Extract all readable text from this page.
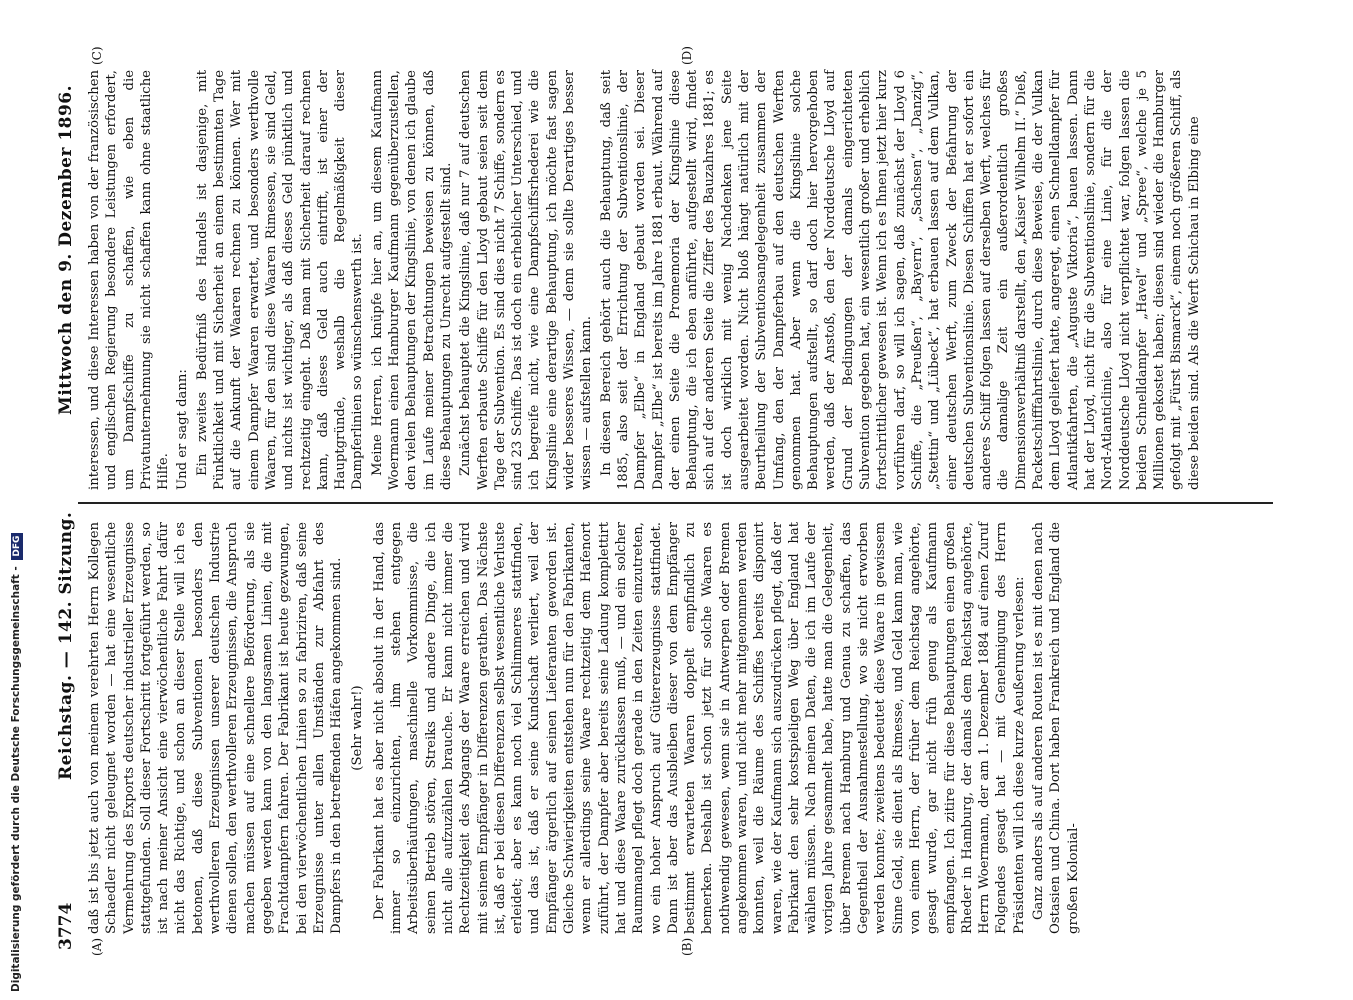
Digitalisierung gefördert durch die Deutsche Forschungsgemeinschaft - DFG
3774
Reichstag. — 142. Sitzung.
Mittwoch den 9. Dezember 1896.
(A)	(B)
(C)	(D)

daß ist bis jetzt auch von meinem verehrten Herrn Kollegen Schaedler nicht geleugnet worden — hat eine wesentliche Vermehrung des Exports deutscher industrieller Erzeugnisse stattgefunden. Soll dieser Fortschritt fortgeführt werden, so ist nach meiner Ansicht eine vierwöchentliche Fahrt dafür nicht das Richtige, und schon an dieser Stelle will ich es betonen, daß diese Subventionen besonders den werthvolleren Erzeugnissen unserer deutschen Industrie dienen sollen, den werthvolleren Erzeugnissen, die Anspruch machen müssen auf eine schnellere Beförderung, als sie gegeben werden kann von den langsamen Linien, die mit Frachtdampfern fahren. Der Fabrikant ist heute gezwungen, bei den vierwöchentlichen Linien so zu fabriziren, daß seine Erzeugnisse unter allen Umständen zur Abfahrt des Dampfers in den betreffenden Häfen angekommen sind. (Sehr wahr!) Der Fabrikant hat es aber nicht absolut in der Hand, das immer so einzurichten, ihm stehen entgegen Arbeitsüberhäufungen, maschinelle Vorkommnisse, die seinen Betrieb stören, Streiks und andere Dinge, die ich nicht alle aufzuzählen brauche. Er kann nicht immer die Rechtzeitigkeit des Abgangs der Waare erreichen und wird mit seinem Empfänger in Differenzen gerathen. Das Nächste ist, daß er bei diesen Differenzen selbst wesentliche Verluste erleidet; aber es kann noch viel Schlimmeres stattfinden, und das ist, daß er seine Kundschaft verliert, weil der Empfänger ärgerlich auf seinen Lieferanten geworden ist. Gleiche Schwierigkeiten entstehen nun für den Fabrikanten, wenn er allerdings seine Waare rechtzeitig dem Hafenort zuführt, der Dampfer aber bereits seine Ladung komplettirt hat und diese Waare zurücklassen muß, — und ein solcher Raummangel pflegt doch gerade in den Zeiten einzutreten, wo ein hoher Anspruch auf Gütererzeugnisse stattfindet. Dann ist aber das Ausbleiben dieser von dem Empfänger bestimmt erwarteten Waaren doppelt empfindlich zu bemerken. Deshalb ist schon jetzt für solche Waaren es nothwendig gewesen, wenn sie in Antwerpen oder Bremen angekommen waren, und nicht mehr mitgenommen werden konnten, weil die Räume des Schiffes bereits disponirt waren, wie der Kaufmann sich auszudrücken pflegt, daß der Fabrikant den sehr kostspieligen Weg über England hat wählen müssen. Nach meinen Daten, die ich im Laufe der vorigen Jahre gesammelt habe, hatte man die Gelegenheit, über Bremen nach Hamburg und Genua zu schaffen, das Gegentheil der Ausnahmestellung, wo sie nicht erworben werden konnte; zweitens bedeutet diese Waare in gewissem Sinne Geld, sie dient als Rimesse, und Geld kann man, wie von einem Herrn, der früher dem Reichstag angehörte, gesagt wurde, gar nicht früh genug als Kaufmann empfangen. Ich zitire für diese Behauptungen einen großen Rheder in Hamburg, der damals dem Reichstag angehörte, Herrn Woermann, der am 1. Dezember 1884 auf einen Zuruf Folgendes gesagt hat — mit Genehmigung des Herrn Präsidenten will ich diese kurze Aeußerung verlesen: Ganz anders als auf anderen Routen ist es mit denen nach Ostasien und China. Dort haben Frankreich und England die großen Kolonial-

interessen, und diese Interessen haben von der französischen und englischen Regierung besondere Leistungen erfordert, um Dampfschiffe zu schaffen, wie eben die Privatunternehmung sie nicht schaffen kann ohne staatliche Hilfe. Und er sagt dann: Ein zweites Bedürfniß des Handels ist dasjenige, mit Pünktlichkeit und mit Sicherheit an einem bestimmten Tage auf die Ankunft der Waaren rechnen zu können. Wer mit einem Dampfer Waaren erwartet, und besonders werthvolle Waaren, für den sind diese Waaren Rimessen, sie sind Geld, und nichts ist wichtiger, als daß dieses Geld pünktlich und rechtzeitig eingeht. Daß man mit Sicherheit darauf rechnen kann, daß dieses Geld auch eintrifft, ist einer der Hauptgründe, weshalb die Regelmäßigkeit dieser Dampferlinien so wünschenswerth ist. Meine Herren, ich knüpfe hier an, um diesem Kaufmann Woermann einen Hamburger Kaufmann gegenüberzustellen, den vielen Behauptungen der Kingslinie, von denen ich glaube im Laufe meiner Betrachtungen beweisen zu können, daß diese Behauptungen zu Unrecht aufgestellt sind. Zunächst behauptet die Kingslinie, daß nur 7 auf deutschen Werften erbaute Schiffe für den Lloyd gebaut seien seit dem Tage der Subvention. Es sind dies nicht 7 Schiffe, sondern es sind 23 Schiffe. Das ist doch ein erheblicher Unterschied, und ich begreife nicht, wie eine Dampfschiffsrhederei wie die Kingslinie eine derartige Behauptung, ich möchte fast sagen wider besseres Wissen, — denn sie sollte Derartiges besser wissen — aufstellen kann. In diesen Bereich gehört auch die Behauptung, daß seit 1885, also seit der Errichtung der Subventionslinie, der Dampfer „Elbe“ in England gebaut worden sei. Dieser Dampfer „Elbe“ ist bereits im Jahre 1881 erbaut. Während auf der einen Seite die Promemoria der Kingslinie diese Behauptung, die ich eben anführte, aufgestellt wird, findet sich auf der anderen Seite die Ziffer des Bauzahres 1881; es ist doch wirklich mit wenig Nachdenken jene Seite ausgearbeitet worden. Nicht bloß hängt natürlich mit der Beurtheilung der Subventionsangelegenheit zusammen der Umfang, den der Dampferbau auf den deutschen Werften genommen hat. Aber wenn die Kingslinie solche Behauptungen aufstellt, so darf doch hier hervorgehoben werden, daß der Anstoß, den der Norddeutsche Lloyd auf Grund der Bedingungen der damals eingerichteten Subvention gegeben hat, ein wesentlich großer und erheblich fortschrittlicher gewesen ist. Wenn ich es Ihnen jetzt hier kurz vorführen darf, so will ich sagen, daß zunächst der Lloyd 6 Schiffe, die „Preußen“, „Bayern“, „Sachsen“, „Danzig“, „Stettin“ und „Lübeck“, hat erbauen lassen auf dem Vulkan, einer deutschen Werft, zum Zweck der Befahrung der deutschen Subventionslinie. Diesen Schiffen hat er sofort ein anderes Schiff folgen lassen auf derselben Werft, welches für die damalige Zeit ein außerordentlich großes Dimensionsverhältniß darstellt, den „Kaiser Wilhelm II.“ Dieß, Packetschifffahrtslinie, durch diese Beweise, die der Vulkan dem Lloyd geliefert hatte, angeregt, einen Schnelldampfer für Atlantikfahrten, die „Auguste Viktoria“, bauen lassen. Dann hat der Lloyd, nicht für die Subventionslinie, sondern für die Nord-Atlanticlinie, also für eine Linie, für die der Norddeutsche Lloyd nicht verpflichtet war, folgen lassen die beiden Schnelldampfer „Havel“ und „Spree“, welche je 5 Millionen gekostet haben; diesen sind wieder die Hamburger gefolgt mit „Fürst Bismarck“, einem noch größeren Schiff, als diese beiden sind. Als die Werft Schichau in Elbing eine
